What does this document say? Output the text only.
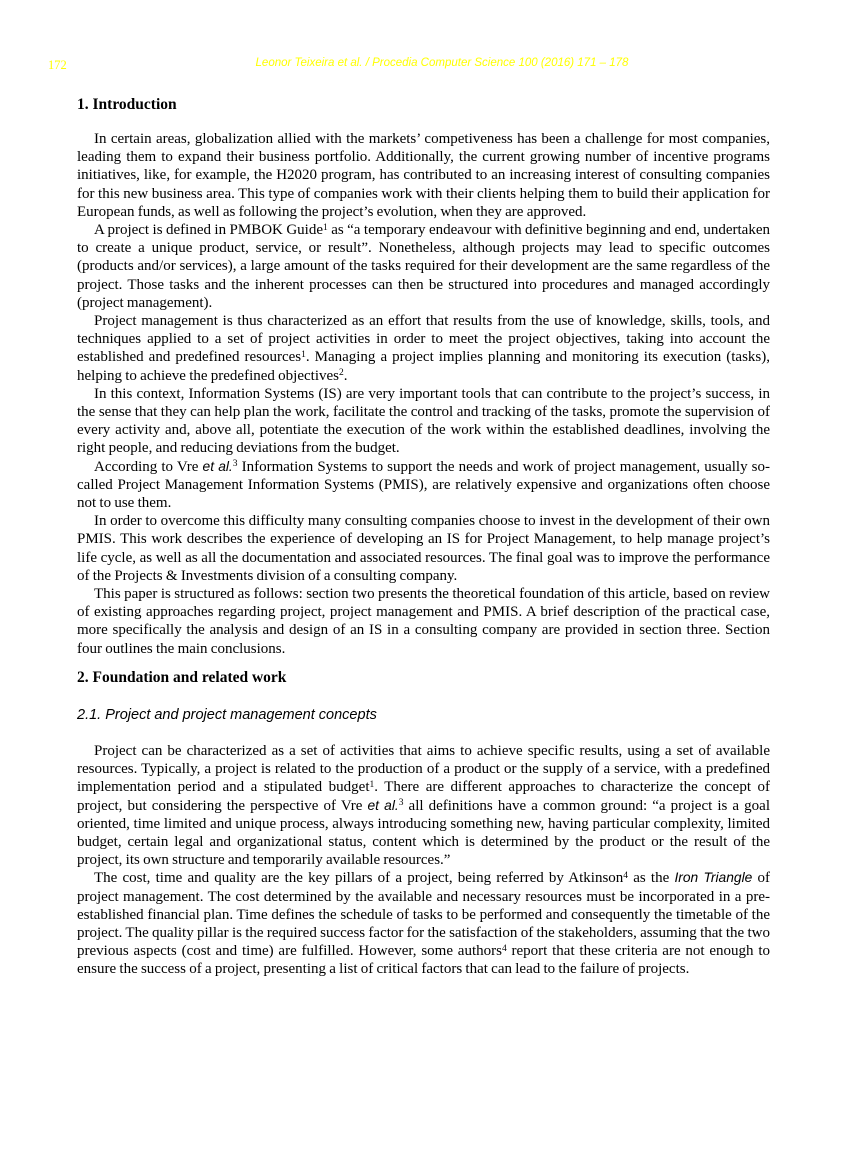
172	Leonor Teixeira et al. / Procedia Computer Science 100 (2016) 171 – 178
1. Introduction

In certain areas, globalization allied with the markets’ competiveness has been a challenge for most companies, leading them to expand their business portfolio. Additionally, the current growing number of incentive programs initiatives, like, for example, the H2020 program, has contributed to an increasing interest of consulting companies for this new business area. This type of companies work with their clients helping them to build their application for European funds, as well as following the project’s evolution, when they are approved.

A project is defined in PMBOK Guide$^1$ as “a temporary endeavour with definitive beginning and end, undertaken to create a unique product, service, or result”. Nonetheless, although projects may lead to specific outcomes (products and/or services), a large amount of the tasks required for their development are the same regardless of the project. Those tasks and the inherent processes can then be structured into procedures and managed accordingly (project management).

Project management is thus characterized as an effort that results from the use of knowledge, skills, tools, and techniques applied to a set of project activities in order to meet the project objectives, taking into account the established and predefined resources$^1$. Managing a project implies planning and monitoring its execution (tasks), helping to achieve the predefined objectives$^2$.

In this context, Information Systems (IS) are very important tools that can contribute to the project’s success, in the sense that they can help plan the work, facilitate the control and tracking of the tasks, promote the supervision of every activity and, above all, potentiate the execution of the work within the established deadlines, involving the right people, and reducing deviations from the budget.

According to Vre et al.$^3$ Information Systems to support the needs and work of project management, usually so-called Project Management Information Systems (PMIS), are relatively expensive and organizations often choose not to use them.

In order to overcome this difficulty many consulting companies choose to invest in the development of their own PMIS. This work describes the experience of developing an IS for Project Management, to help manage project’s life cycle, as well as all the documentation and associated resources. The final goal was to improve the performance of the Projects & Investments division of a consulting company.

This paper is structured as follows: section two presents the theoretical foundation of this article, based on review of existing approaches regarding project, project management and PMIS. A brief description of the practical case, more specifically the analysis and design of an IS in a consulting company are provided in section three. Section four outlines the main conclusions.

2. Foundation and related work
2.1. Project and project management concepts

Project can be characterized as a set of activities that aims to achieve specific results, using a set of available resources. Typically, a project is related to the production of a product or the supply of a service, with a predefined implementation period and a stipulated budget$^1$. There are different approaches to characterize the concept of project, but considering the perspective of Vre et al.$^3$ all definitions have a common ground: “a project is a goal oriented, time limited and unique process, always introducing something new, having particular complexity, limited budget, certain legal and organizational status, content which is determined by the product or the result of the project, its own structure and temporarily available resources.”

The cost, time and quality are the key pillars of a project, being referred by Atkinson$^4$ as the Iron Triangle of project management. The cost determined by the available and necessary resources must be incorporated in a pre-established financial plan. Time defines the schedule of tasks to be performed and consequently the timetable of the project. The quality pillar is the required success factor for the satisfaction of the stakeholders, assuming that the two previous aspects (cost and time) are fulfilled. However, some authors$^4$ report that these criteria are not enough to ensure the success of a project, presenting a list of critical factors that can lead to the failure of projects.
